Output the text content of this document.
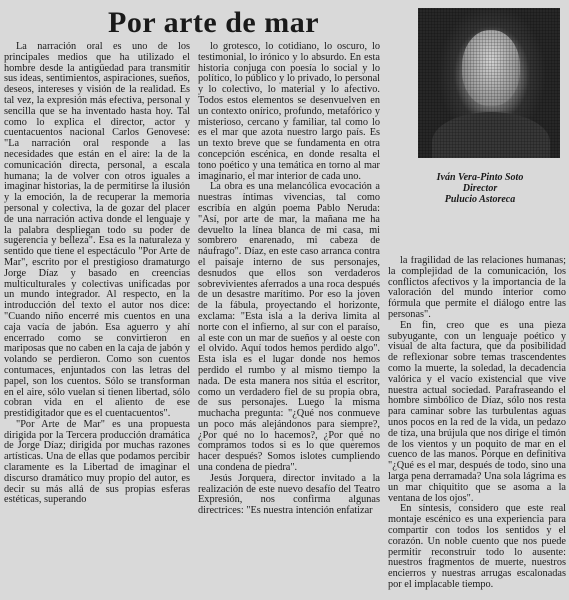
Por arte de mar

La narración oral es uno de los principales medios que ha utilizado el hombre desde la antigüedad para transmitir sus ideas, sentimientos, aspiraciones, sueños, deseos, intereses y visión de la realidad. Es tal vez, la expresión más efectiva, personal y sencilla que se ha inventado hasta hoy. Tal como lo explica el director, actor y cuentacuentos nacional Carlos Genovese: "La narración oral responde a las necesidades que están en el aire: la de la comunicación directa, personal, a escala humana; la de volver con otros iguales a imaginar historias, la de permitirse la ilusión y la emoción, la de recuperar la memoria personal y colectiva, la de gozar del placer de una narración activa donde el lenguaje y la palabra despliegan todo su poder de sugerencia y belleza". Esa es la naturaleza y sentido que tiene el espectáculo "Por Arte de Mar", escrito por el prestigioso dramaturgo Jorge Díaz y basado en creencias multiculturales y colectivas unificadas por un mundo integrador. Al respecto, en la introducción del texto el autor nos dice: "Cuando niño encerré mis cuentos en una caja vacía de jabón. Esa aguerro y ahí encerrado como se convirtieron en mariposas que no caben en la caja de jabón y volando se perdieron. Como son cuentos contumaces, enjuntados con las letras del papel, son los cuentos. Sólo se transforman en el aire, sólo vuelan si tienen libertad, sólo cobran vida en el aliento de ese prestidigitador que es el cuentacuentos".

"Por Arte de Mar" es una propuesta dirigida por la Tercera producción dramática de Jorge Díaz; dirigida por muchas razones artísticas. Una de ellas que podamos percibir claramente es la Libertad de imaginar el discurso dramático muy propio del autor, es decir su más allá de sus propias esferas estéticas, superando

lo grotesco, lo cotidiano, lo oscuro, lo testimonial, lo irónico y lo absurdo. En esta historia conjuga con poesía lo social y lo político, lo público y lo privado, lo personal y lo colectivo, lo material y lo afectivo. Todos estos elementos se desenvuelven en un contexto onírico, profundo, metafórico y misterioso, cercano y familiar, tal como lo es el mar que azota nuestro largo país. Es un texto breve que se fundamenta en otra concepción escénica, en donde resalta el tono poético y una temática en torno al mar imaginario, el mar interior de cada uno.

La obra es una melancólica evocación a nuestras íntimas vivencias, tal como escribía en algún poema Pablo Neruda: "Así, por arte de mar, la mañana me ha devuelto la línea blanca de mi casa, mi sombrero enarenado, mi cabeza de náufrago". Díaz, en este caso arranca contra el paisaje interno de sus personajes, desnudos que ellos son verdaderos sobrevivientes aferrados a una roca después de un desastre marítimo. Por eso la joven de la fábula, proyectando el horizonte, exclama: "Esta isla a la deriva limita al norte con el infierno, al sur con el paraíso, al este con un mar de sueños y al oeste con el olvido. Aquí todos hemos perdido algo". Esta isla es el lugar donde nos hemos perdido el rumbo y al mismo tiempo la nada. De esta manera nos sitúa el escritor, como un verdadero fiel de su propia obra, de sus personajes. Luego la misma muchacha pregunta: "¿Qué nos conmueve un poco más alejándonos para siempre?, ¿Por qué no lo hacemos?, ¿Por qué no compramos todos si es lo que queremos hacer después? Somos islotes cumpliendo una condena de piedra".

Jesús Jorquera, director invitado a la realización de este nuevo desafío del Teatro Expresión, nos confirma algunas directrices: "Es nuestra intención enfatizar

Iván Vera-Pinto Soto
Director
Pulucio Astoreca

la fragilidad de las relaciones humanas; la complejidad de la comunicación, los conflictos afectivos y la importancia de la valoración del mundo interior como fórmula que permite el diálogo entre las personas".

En fin, creo que es una pieza subyugante, con un lenguaje poético y visual de alta factura, que da posibilidad de reflexionar sobre temas trascendentes como la muerte, la soledad, la decadencia valórica y el vacío existencial que vive nuestra actual sociedad. Parafraseando el hombre simbólico de Díaz, sólo nos resta para caminar sobre las turbulentas aguas unos pocos en la red de la vida, un pedazo de tiza, una brújula que nos dirige el timón de los vientos y un poquito de mar en el cuenco de las manos. Porque en definitiva "¿Qué es el mar, después de todo, sino una larga pena derramada? Una sola lágrima es un mar chiquitito que se asoma a la ventana de los ojos".

En síntesis, considero que este real montaje escénico es una experiencia para compartir con todos los sentidos y el corazón. Un noble cuento que nos puede permitir reconstruir todo lo ausente: nuestros fragmentos de muerte, nuestros encierros y nuestras arrugas escalonadas por el implacable tiempo.
